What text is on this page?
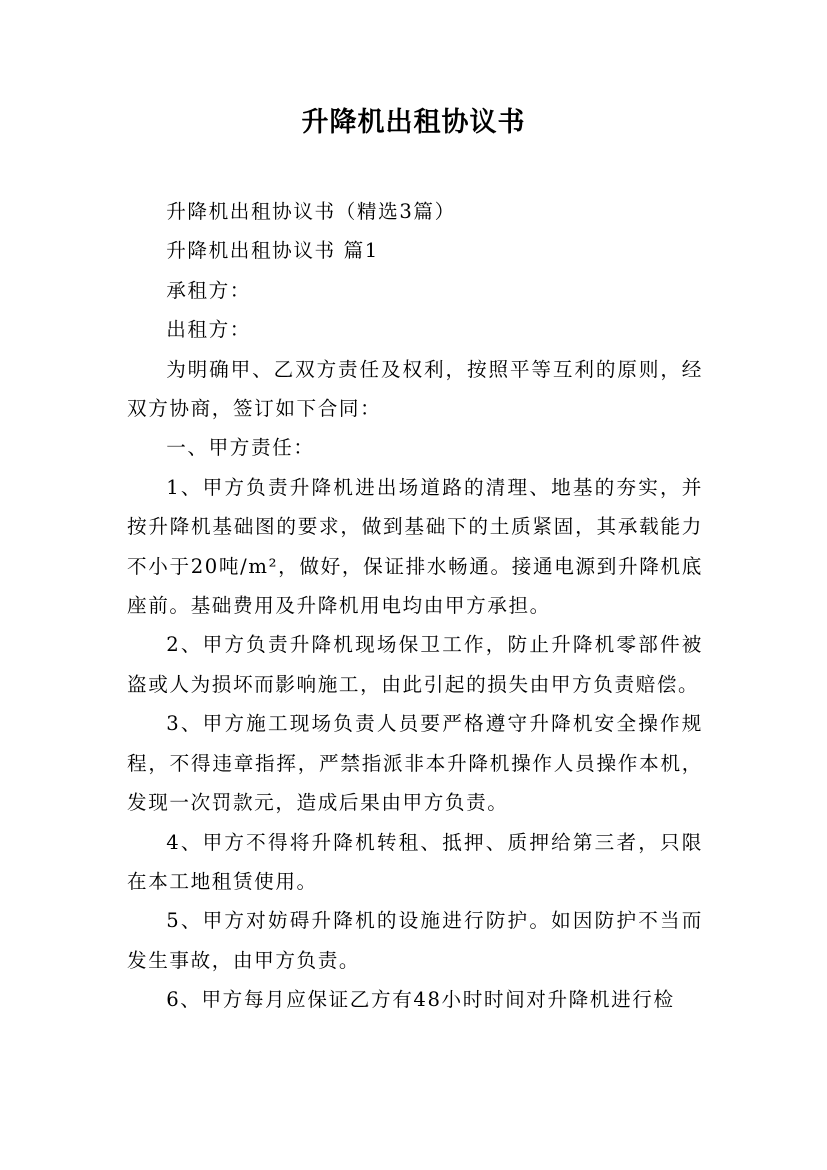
升降机出租协议书

升降机出租协议书（精选3篇）

升降机出租协议书 篇1

承租方：

出租方：

为明确甲、乙双方责任及权利，按照平等互利的原则，经双方协商，签订如下合同：

一、甲方责任：

1、甲方负责升降机进出场道路的清理、地基的夯实，并按升降机基础图的要求，做到基础下的土质紧固，其承载能力不小于20吨/m²，做好，保证排水畅通。接通电源到升降机底座前。基础费用及升降机用电均由甲方承担。

2、甲方负责升降机现场保卫工作，防止升降机零部件被盗或人为损坏而影响施工，由此引起的损失由甲方负责赔偿。

3、甲方施工现场负责人员要严格遵守升降机安全操作规程，不得违章指挥，严禁指派非本升降机操作人员操作本机，发现一次罚款元，造成后果由甲方负责。

4、甲方不得将升降机转租、抵押、质押给第三者，只限在本工地租赁使用。

5、甲方对妨碍升降机的设施进行防护。如因防护不当而发生事故，由甲方负责。

6、甲方每月应保证乙方有48小时时间对升降机进行检
